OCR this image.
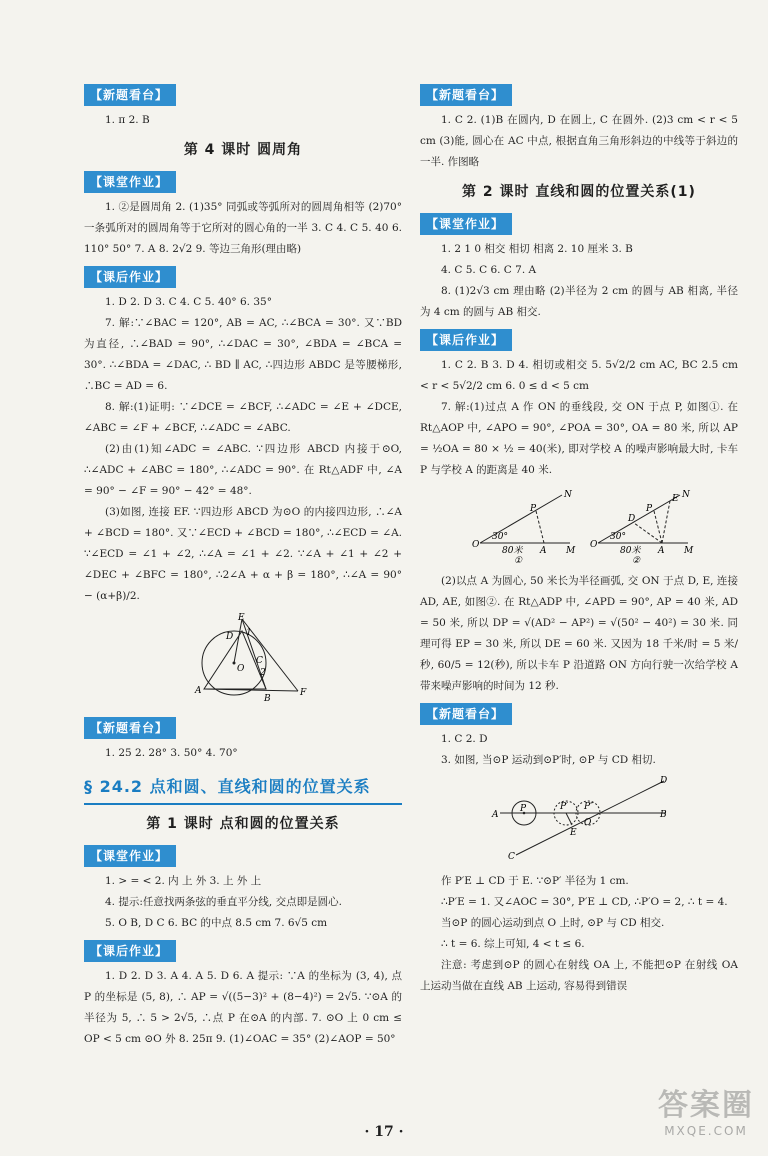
【新题看台】

1. π 2. B

第 4 课时 圆周角
【课堂作业】

1. ②是圆周角 2. (1)35° 同弧或等弧所对的圆周角相等 (2)70° 一条弧所对的圆周角等于它所对的圆心角的一半 3. C 4. C 5. 40 6. 110° 50° 7. A 8. 2√2 9. 等边三角形(理由略)

【课后作业】

1. D 2. D 3. C 4. C 5. 40° 6. 35°

7. 解:∵∠BAC = 120°, AB = AC, ∴∠BCA = 30°. 又∵BD 为直径, ∴∠BAD = 90°, ∴∠DAC = 30°, ∠BDA = ∠BCA = 30°. ∴∠BDA = ∠DAC, ∴ BD ∥ AC, ∴四边形 ABDC 是等腰梯形, ∴BC = AD = 6.

8. 解:(1)证明: ∵∠DCE = ∠BCF, ∴∠ADC = ∠E + ∠DCE, ∠ABC = ∠F + ∠BCF, ∴∠ADC = ∠ABC.

(2)由(1)知∠ADC = ∠ABC. ∵四边形 ABCD 内接于⊙O, ∴∠ADC + ∠ABC = 180°, ∴∠ADC = 90°. 在 Rt△ADF 中, ∠A = 90° − ∠F = 90° − 42° = 48°.

(3)如图, 连接 EF. ∵四边形 ABCD 为⊙O 的内接四边形, ∴∠A + ∠BCD = 180°. 又∵∠ECD + ∠BCD = 180°, ∴∠ECD = ∠A. ∵∠ECD = ∠1 + ∠2, ∴∠A = ∠1 + ∠2. ∵∠A + ∠1 + ∠2 + ∠DEC + ∠BFC = 180°, ∴2∠A + α + β = 180°, ∴∠A = 90° − (α+β)/2.

E
D
C
A
O
B
F
1
2
【新题看台】

1. 25 2. 28° 3. 50° 4. 70°

§ 24.2 点和圆、直线和圆的位置关系
第 1 课时 点和圆的位置关系
【课堂作业】

1. > = < 2. 内 上 外 3. 上 外 上

4. 提示:任意找两条弦的垂直平分线, 交点即是圆心.

5. O B, D C 6. BC 的中点 8.5 cm 7. 6√5 cm

【课后作业】

1. D 2. D 3. A 4. A 5. D 6. A 提示: ∵A 的坐标为 (3, 4), 点 P 的坐标是 (5, 8), ∴ AP = √((5−3)² + (8−4)²) = 2√5. ∵⊙A 的半径为 5, ∴ 5 > 2√5, ∴点 P 在⊙A 的内部. 7. ⊙O 上 0 cm ≤ OP < 5 cm ⊙O 外 8. 25π 9. (1)∠OAC = 35° (2)∠AOP = 50°

【新题看台】

1. C 2. (1)B 在圆内, D 在圆上, C 在圆外. (2)3 cm < r < 5 cm (3)能, 圆心在 AC 中点, 根据直角三角形斜边的中线等于斜边的一半. 作图略

第 2 课时 直线和圆的位置关系(1)
【课堂作业】

1. 2 1 0 相交 相切 相离 2. 10 厘米 3. B

4. C 5. C 6. C 7. A

8. (1)2√3 cm 理由略 (2)半径为 2 cm 的圆与 AB 相离, 半径为 4 cm 的圆与 AB 相交.

【课后作业】

1. C 2. B 3. D 4. 相切或相交 5. 5√2/2 cm AC, BC 2.5 cm < r < 5√2/2 cm 6. 0 ≤ d < 5 cm

7. 解:(1)过点 A 作 ON 的垂线段, 交 ON 于点 P, 如图①. 在 Rt△AOP 中, ∠APO = 90°, ∠POA = 30°, OA = 80 米, 所以 AP = ½OA = 80 × ½ = 40(米), 即对学校 A 的噪声影响最大时, 卡车 P 与学校 A 的距离是 40 米.

O
A M
N
P
30°
80米
①
O
A M
N
D
P
E
30°
80米
②

(2)以点 A 为圆心, 50 米长为半径画弧, 交 ON 于点 D, E, 连接 AD, AE, 如图②. 在 Rt△ADP 中, ∠APD = 90°, AP = 40 米, AD = 50 米, 所以 DP = √(AD² − AP²) = √(50² − 40²) = 30 米. 同理可得 EP = 30 米, 所以 DE = 60 米. 又因为 18 千米/时 = 5 米/秒, 60/5 = 12(秒), 所以卡车 P 沿道路 ON 方向行驶一次给学校 A 带来噪声影响的时间为 12 秒.

【新题看台】

1. C 2. D

3. 如图, 当⊙P 运动到⊙P′时, ⊙P 与 CD 相切.

A
P	P′ P″
O
E
B
C
D

作 P′E ⊥ CD 于 E. ∵⊙P′ 半径为 1 cm.

∴P′E = 1. 又∠AOC = 30°, P′E ⊥ CD, ∴P′O = 2, ∴ t = 4.

当⊙P 的圆心运动到点 O 上时, ⊙P 与 CD 相交.

∴ t = 6. 综上可知, 4 < t ≤ 6.

注意: 考虑到⊙P 的圆心在射线 OA 上, 不能把⊙P 在射线 OA 上运动当做在直线 AB 上运动, 容易得到错误

· 17 ·
答案圈
MXQE.COM
